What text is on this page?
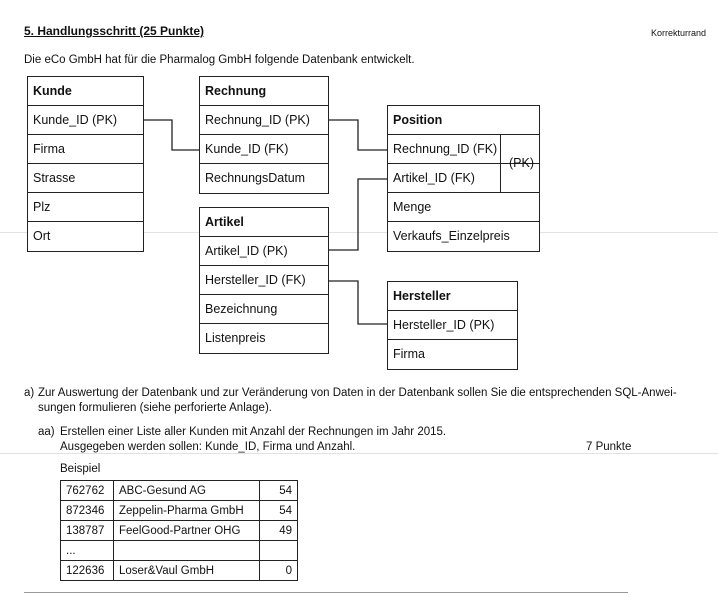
5. Handlungsschritt (25 Punkte)	Korrekturrand
Die eCo GmbH hat für die Pharmalog GmbH folgende Datenbank entwickelt.
Kunde
Kunde_ID (PK)
Firma
Strasse
Plz
Ort
Rechnung
Rechnung_ID (PK)
Kunde_ID (FK)
RechnungsDatum
Artikel
Artikel_ID (PK)
Hersteller_ID (FK)
Bezeichnung
Listenpreis
Position
Rechnung_ID (FK)
Artikel_ID (FK)
Menge
Verkaufs_Einzelpreis
(PK)
Hersteller
Hersteller_ID (PK)
Firma
a) Zur Auswertung der Datenbank und zur Veränderung von Daten in der Datenbank sollen Sie die entsprechenden SQL-Anwei-
sungen formulieren (siehe perforierte Anlage).
aa) Erstellen einer Liste aller Kunden mit Anzahl der Rechnungen im Jahr 2015.
Ausgegeben werden sollen: Kunde_ID, Firma und Anzahl.	7 Punkte
Beispiel
762762	ABC-Gesund AG	54
872346	Zeppelin-Pharma GmbH	54
138787	FeelGood-Partner OHG	49
...		
122636	Loser&Vaul GmbH	0
